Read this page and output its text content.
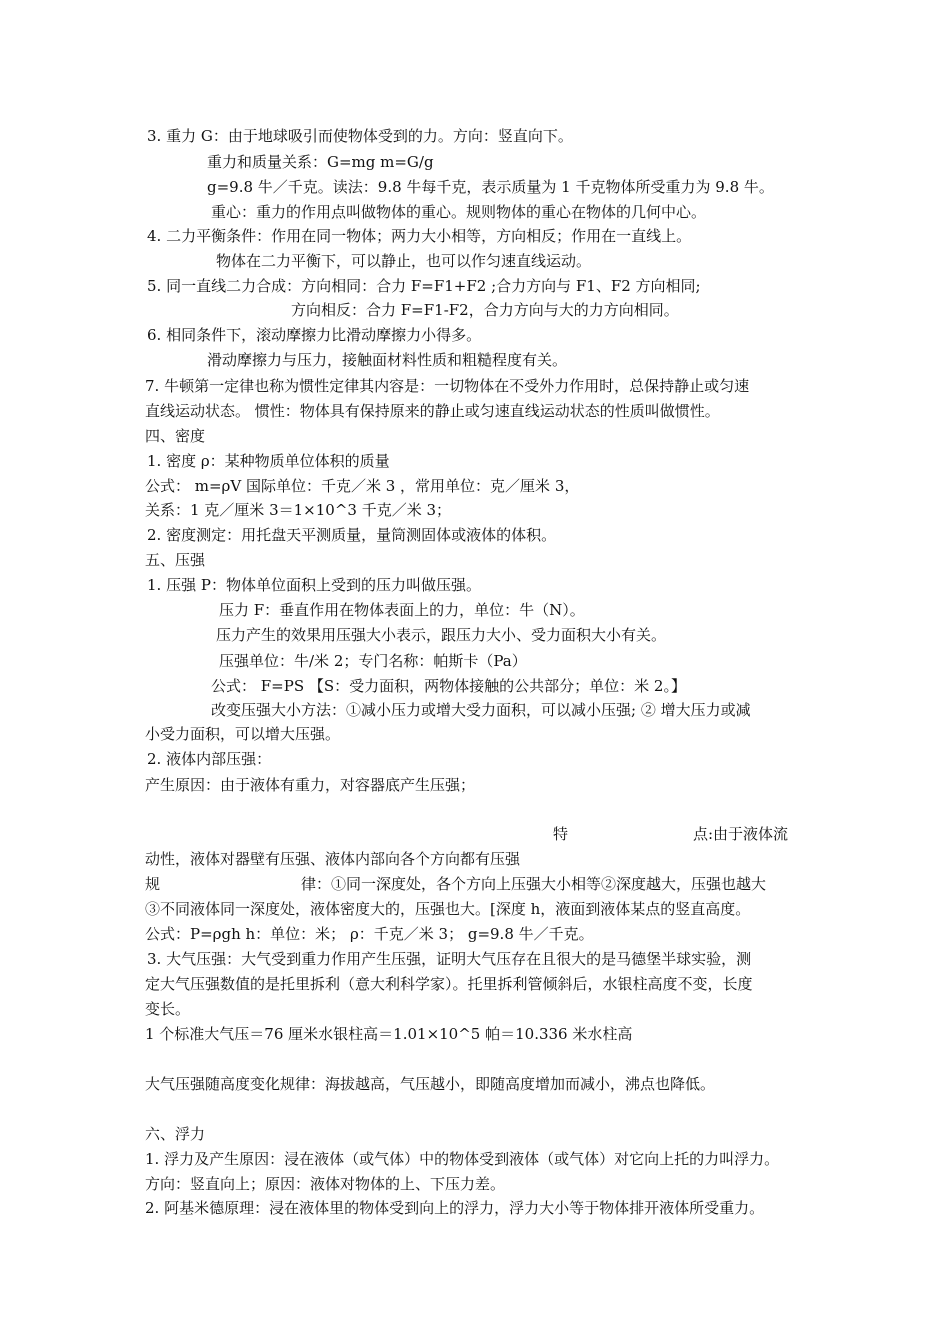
3. 重力 G：由于地球吸引而使物体受到的力。方向：竖直向下。
重力和质量关系：G=mg m=G/g
g=9.8 牛／千克。读法：9.8 牛每千克，表示质量为 1 千克物体所受重力为 9.8 牛。
重心：重力的作用点叫做物体的重心。规则物体的重心在物体的几何中心。
4. 二力平衡条件：作用在同一物体；两力大小相等，方向相反；作用在一直线上。
物体在二力平衡下，可以静止，也可以作匀速直线运动。
5. 同一直线二力合成：方向相同：合力 F=F1+F2 ;合力方向与 F1、F2 方向相同;
方向相反：合力 F=F1-F2，合力方向与大的力方向相同。
6. 相同条件下，滚动摩擦力比滑动摩擦力小得多。
滑动摩擦力与压力，接触面材料性质和粗糙程度有关。
7. 牛顿第一定律也称为惯性定律其内容是：一切物体在不受外力作用时，总保持静止或匀速
直线运动状态。 惯性：物体具有保持原来的静止或匀速直线运动状态的性质叫做惯性。
四、密度
1. 密度 ρ：某种物质单位体积的质量
公式： m=ρV 国际单位：千克／米 3 ，常用单位：克／厘米 3，
关系：1 克／厘米 3＝1×10^3 千克／米 3；
2. 密度测定：用托盘天平测质量，量筒测固体或液体的体积。
五、压强
1. 压强 P：物体单位面积上受到的压力叫做压强。
压力 F：垂直作用在物体表面上的力，单位：牛（N）。
压力产生的效果用压强大小表示，跟压力大小、受力面积大小有关。
压强单位：牛/米 2；专门名称：帕斯卡（Pa）
公式： F=PS 【S：受力面积，两物体接触的公共部分；单位：米 2。】
改变压强大小方法：①减小压力或增大受力面积，可以减小压强; ② 增大压力或减
小受力面积，可以增大压强。
2. 液体内部压强：
产生原因：由于液体有重力，对容器底产生压强；
特	点:由于液体流
动性，液体对器壁有压强、液体内部向各个方向都有压强
规	律：①同一深度处，各个方向上压强大小相等②深度越大，压强也越大
③不同液体同一深度处，液体密度大的，压强也大。[深度 h，液面到液体某点的竖直高度。
公式：P=ρgh h：单位：米； ρ：千克／米 3； g=9.8 牛／千克。
3. 大气压强：大气受到重力作用产生压强，证明大气压存在且很大的是马德堡半球实验，测
定大气压强数值的是托里拆利（意大利科学家）。托里拆利管倾斜后，水银柱高度不变，长度
变长。
1 个标准大气压＝76 厘米水银柱高＝1.01×10^5 帕＝10.336 米水柱高
大气压强随高度变化规律：海拔越高，气压越小，即随高度增加而减小，沸点也降低。
六、浮力
1. 浮力及产生原因：浸在液体（或气体）中的物体受到液体（或气体）对它向上托的力叫浮力。
方向：竖直向上；原因：液体对物体的上、下压力差。
2. 阿基米德原理：浸在液体里的物体受到向上的浮力，浮力大小等于物体排开液体所受重力。
